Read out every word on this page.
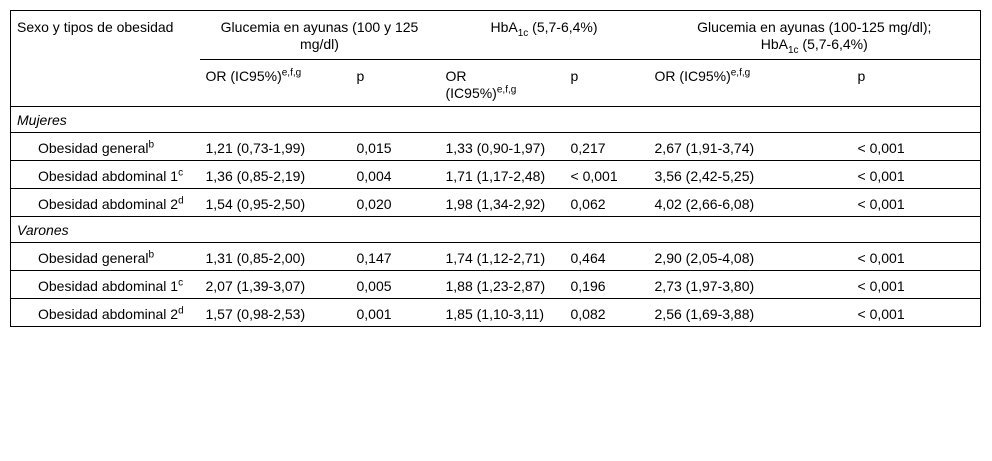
Sexo y tipos de obesidad	Glucemia en ayunas (100 y 125 mg/dl)		HbA$_{1c}$ (5,7-6,4%)		Glucemia en ayunas (100-125 mg/dl);
HbA$_{1c}$ (5,7-6,4%)	
	OR $(IC95\%)^{e,f,g}$	p	OR
$(IC95\%)^{e,f,g}$	p	OR $(IC95\%)^{e,f,g}$	p
Mujeres						
Obesidad general$^b$	1,21 (0,73-1,99)	0,015	1,33 (0,90-1,97)	0,217	2,67 (1,91-3,74)	< 0,001
Obesidad abdominal 1$^c$	1,36 (0,85-2,19)	0,004	1,71 (1,17-2,48)	< 0,001	3,56 (2,42-5,25)	< 0,001
Obesidad abdominal 2$^d$	1,54 (0,95-2,50)	0,020	1,98 (1,34-2,92)	0,062	4,02 (2,66-6,08)	< 0,001
Varones						
Obesidad general$^b$	1,31 (0,85-2,00)	0,147	1,74 (1,12-2,71)	0,464	2,90 (2,05-4,08)	< 0,001
Obesidad abdominal 1$^c$	2,07 (1,39-3,07)	0,005	1,88 (1,23-2,87)	0,196	2,73 (1,97-3,80)	< 0,001
Obesidad abdominal 2$^d$	1,57 (0,98-2,53)	0,001	1,85 (1,10-3,11)	0,082	2,56 (1,69-3,88)	< 0,001
